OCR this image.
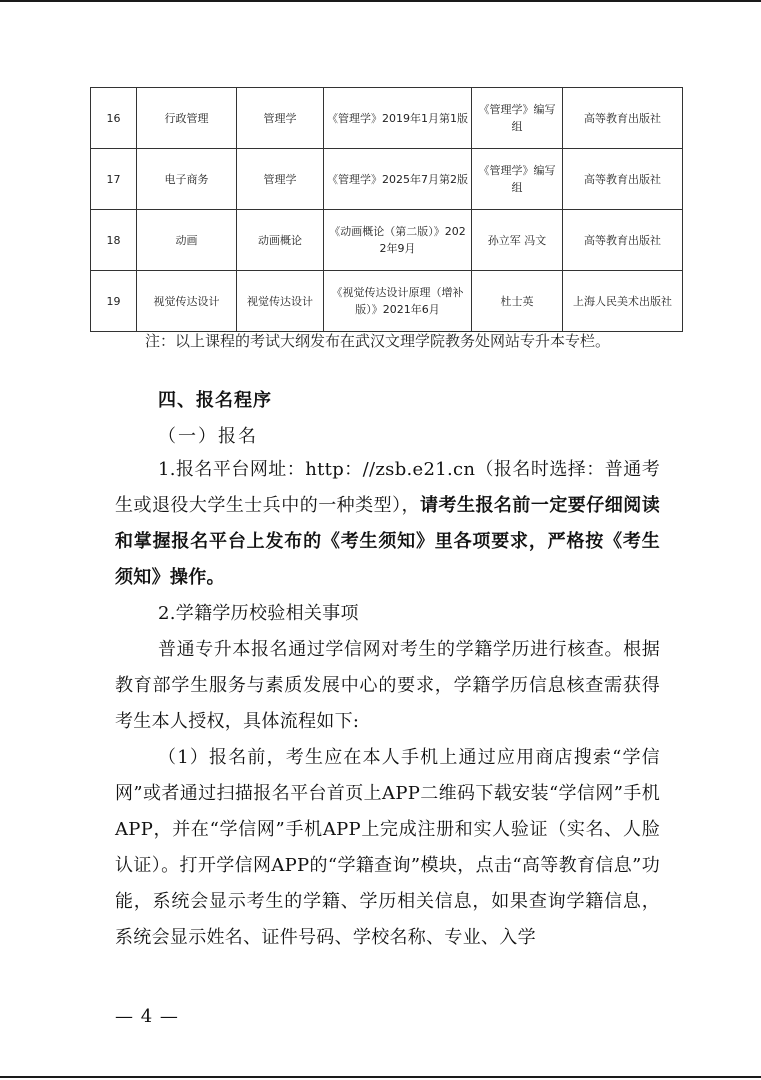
16	行政管理	管理学	《管理学》2019年1月第1版	《管理学》编写组	高等教育出版社
17	电子商务	管理学	《管理学》2025年7月第2版	《管理学》编写组	高等教育出版社
18	动画	动画概论	《动画概论（第二版）》2022年9月	孙立军 冯文	高等教育出版社
19	视觉传达设计	视觉传达设计	《视觉传达设计原理（增补版）》2021年6月	杜士英	上海人民美术出版社
注：以上课程的考试大纲发布在武汉文理学院教务处网站专升本专栏。
四、报名程序
（一）报名
1.报名平台网址：http：//zsb.e21.cn（报名时选择：普通考生或退役大学生士兵中的一种类型），请考生报名前一定要仔细阅读和掌握报名平台上发布的《考生须知》里各项要求，严格按《考生须知》操作。
2.学籍学历校验相关事项
普通专升本报名通过学信网对考生的学籍学历进行核查。根据教育部学生服务与素质发展中心的要求，学籍学历信息核查需获得考生本人授权，具体流程如下:
（1）报名前，考生应在本人手机上通过应用商店搜索“学信网”或者通过扫描报名平台首页上APP二维码下载安装“学信网”手机APP，并在“学信网”手机APP上完成注册和实人验证（实名、人脸认证）。打开学信网APP的“学籍查询”模块，点击“高等教育信息”功能，系统会显示考生的学籍、学历相关信息，如果查询学籍信息，系统会显示姓名、证件号码、学校名称、专业、入学
— 4 —
